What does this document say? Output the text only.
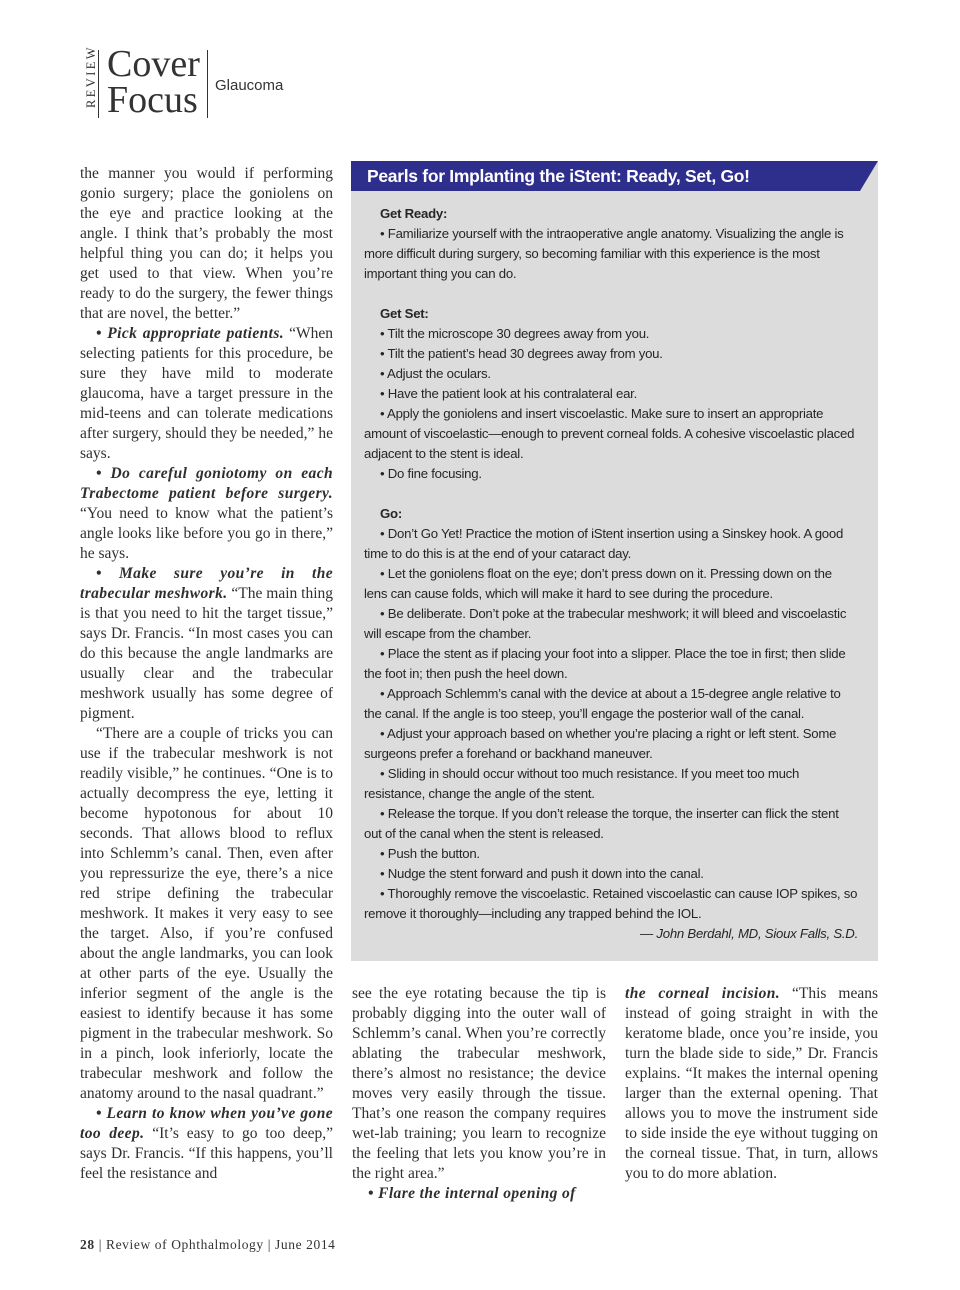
REVIEW Cover
Focus Glaucoma

the manner you would if performing gonio surgery; place the goniolens on the eye and practice looking at the angle. I think that’s probably the most helpful thing you can do; it helps you get used to that view. When you’re ready to do the surgery, the fewer things that are novel, the better.”

• Pick appropriate patients. “When selecting patients for this procedure, be sure they have mild to moderate glaucoma, have a target pressure in the mid-teens and can tolerate medications after surgery, should they be needed,” he says.

• Do careful goniotomy on each Trabectome patient before surgery. “You need to know what the patient’s angle looks like before you go in there,” he says.

• Make sure you’re in the trabecular meshwork. “The main thing is that you need to hit the target tissue,” says Dr. Francis. “In most cases you can do this because the angle landmarks are usually clear and the trabecular meshwork usually has some degree of pigment.

“There are a couple of tricks you can use if the trabecular meshwork is not readily visible,” he continues. “One is to actually decompress the eye, letting it become hypotonous for about 10 seconds. That allows blood to reflux into Schlemm’s canal. Then, even after you repressurize the eye, there’s a nice red stripe defining the trabecular meshwork. It makes it very easy to see the target. Also, if you’re confused about the angle landmarks, you can look at other parts of the eye. Usually the inferior segment of the angle is the easiest to identify because it has some pigment in the trabecular meshwork. So in a pinch, look inferiorly, locate the trabecular meshwork and follow the anatomy around to the nasal quadrant.”

• Learn to know when you’ve gone too deep. “It’s easy to go too deep,” says Dr. Francis. “If this happens, you’ll feel the resistance and

Pearls for Implanting the iStent: Ready, Set, Go!
Get Ready:
• Familiarize yourself with the intraoperative angle anatomy. Visualizing the angle is more difficult during surgery, so becoming familiar with this experience is the most important thing you can do.
Get Set:
• Tilt the microscope 30 degrees away from you.
• Tilt the patient’s head 30 degrees away from you.
• Adjust the oculars.
• Have the patient look at his contralateral ear.
• Apply the goniolens and insert viscoelastic. Make sure to insert an appropriate amount of viscoelastic—enough to prevent corneal folds. A cohesive viscoelastic placed adjacent to the stent is ideal.
• Do fine focusing.
Go:
• Don’t Go Yet! Practice the motion of iStent insertion using a Sinskey hook. A good time to do this is at the end of your cataract day.
• Let the goniolens float on the eye; don’t press down on it. Pressing down on the lens can cause folds, which will make it hard to see during the procedure.
• Be deliberate. Don’t poke at the trabecular meshwork; it will bleed and viscoelastic will escape from the chamber.
• Place the stent as if placing your foot into a slipper. Place the toe in first; then slide the foot in; then push the heel down.
• Approach Schlemm’s canal with the device at about a 15-degree angle relative to the canal. If the angle is too steep, you’ll engage the posterior wall of the canal.
• Adjust your approach based on whether you’re placing a right or left stent. Some surgeons prefer a forehand or backhand maneuver.
• Sliding in should occur without too much resistance. If you meet too much resistance, change the angle of the stent.
• Release the torque. If you don’t release the torque, the inserter can flick the stent out of the canal when the stent is released.
• Push the button.
• Nudge the stent forward and push it down into the canal.
• Thoroughly remove the viscoelastic. Retained viscoelastic can cause IOP spikes, so remove it thoroughly—including any trapped behind the IOL.
— John Berdahl, MD, Sioux Falls, S.D.

see the eye rotating because the tip is probably digging into the outer wall of Schlemm’s canal. When you’re correctly ablating the trabecular meshwork, there’s almost no resistance; the device moves very easily through the tissue. That’s one reason the company requires wet-lab training; you learn to recognize the feeling that lets you know you’re in the right area.”

• Flare the internal opening of

the corneal incision. “This means instead of going straight in with the keratome blade, once you’re inside, you turn the blade side to side,” Dr. Francis explains. “It makes the internal opening larger than the external opening. That allows you to move the instrument side to side inside the eye without tugging on the corneal tissue. That, in turn, allows you to do more ablation.

28 | Review of Ophthalmology | June 2014
